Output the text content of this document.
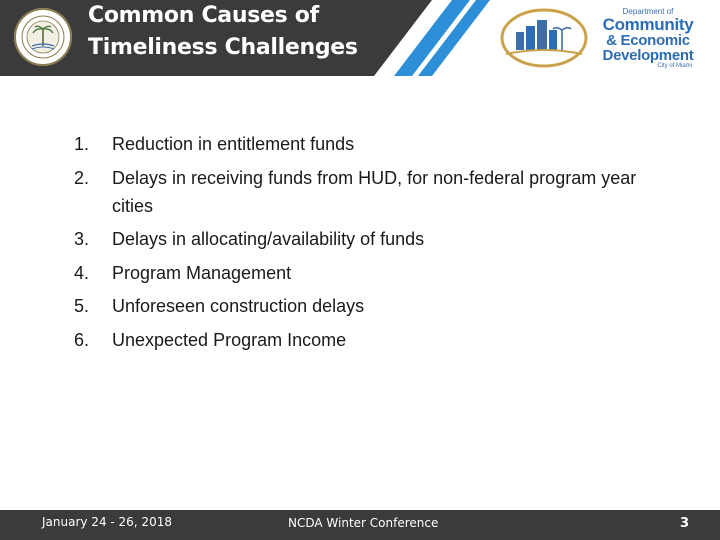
Common Causes of
Timeliness Challenges
Department of
Community
& Economic
Development
City of Miami
1. Reduction in entitlement funds
2. Delays in receiving funds from HUD, for non-federal program year cities
3. Delays in allocating/availability of funds
4. Program Management
5. Unforeseen construction delays
6. Unexpected Program Income
January 24 - 26, 2018	NCDA Winter Conference	3
